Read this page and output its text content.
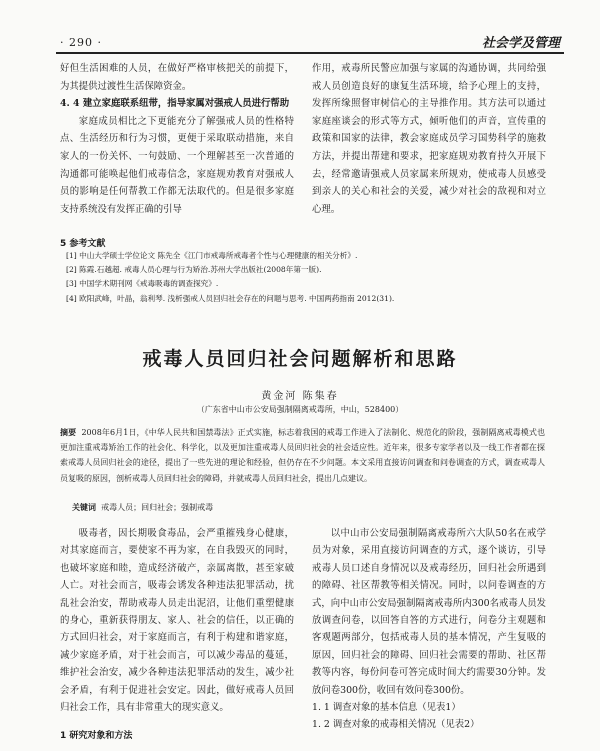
· 290 ·	社会学及管理

好但生活困难的人员，在做好严格审核把关的前提下，为其提供过渡性生活保障资金。

4. 4 建立家庭联系纽带，指导家属对强戒人员进行帮助

家庭成员相比之下更能充分了解强戒人员的性格特点、生活经历和行为习惯，更便于采取联动措施，来自家人的一份关怀、一句鼓励、一个理解甚至一次普通的沟通都可能唤起他们戒毒信念，家庭规劝教育对强戒人员的影响是任何帮教工作都无法取代的。但是很多家庭支持系统没有发挥正确的引导

作用，戒毒所民警应加强与家属的沟通协调，共同给强戒人员创造良好的康复生活环境，给予心理上的支持，发挥所缘照督审树信心的主导推作用。其方法可以通过家庭座谈会的形式等方式，倾听他们的声音，宣传重的政策和国家的法律，教会家庭成员学习国势科学的施救方法，并提出帮建和要求，把家庭规劝教育持久开展下去，经常邀请强戒人员家属来所规劝，使戒毒人员感受到亲人的关心和社会的关爱，减少对社会的敌视和对立心理。

5 参考文献
[1] 中山大学硕士学位论文 陈先全《江门市戒毒所戒毒者个性与心理健康的相关分析》.
[2] 陈霞.石越超. 戒毒人员心理与行为矫治.苏州大学出版社(2008年第一版).
[3] 中国学术期刊网《戒毒吸毒的调查探究》.
[4] 欧阳武峰，叶晶，翁利琴. 浅析强戒人员回归社会存在的问题与思考. 中国两药指南 2012(31).
戒毒人员回归社会问题解析和思路
黄金河 陈集春
（广东省中山市公安局强制隔离戒毒所，中山，528400）

摘要 2008年6月1日，《中华人民共和国禁毒法》正式实施，标志着我国的戒毒工作进入了法制化、规范化的阶段，强制隔离戒毒模式也更加注重戒毒矫治工作的社会化、科学化，以及更加注重戒毒人员回归社会的社会适应性。近年来，很多专家学者以及一线工作者都在探索戒毒人员回归社会的途径，提出了一些先进的理论和经验，但仍存在不少问题。本文采用直接访问调查和问卷调查的方式，调查戒毒人员复吸的原因，剖析戒毒人员回归社会的障碍，并就戒毒人员回归社会，提出几点建议。

关键词 戒毒人员；回归社会；强制戒毒

吸毒者，因长期吸食毒品，会严重摧残身心健康，对其家庭而言，要使家不再为家，在自我毁灭的同时，也破坏家庭和睦，造成经济破产，亲属离散，甚至家破人亡。对社会而言，吸毒会诱发各种违法犯罪活动，扰乱社会治安，帮助戒毒人员走出泥沼，让他们重塑健康的身心，重新获得朋友、家人、社会的信任，以正确的方式回归社会，对于家庭而言，有利于构建和谐家庭，减少家庭矛盾，对于社会而言，可以减少毒品的蔓延，维护社会治安，减少各种违法犯罪活动的发生，减少社会矛盾，有利于促进社会安定。因此，做好戒毒人员回归社会工作，具有非常重大的现实意义。

以中山市公安局强制隔离戒毒所六大队50名在戒学员为对象，采用直接访问调查的方式，逐个谈访，引导戒毒人员口述自身情况以及戒毒经历，回归社会所遇到的障碍、社区帮教等相关情况。同时，以问卷调查的方式，向中山市公安局强制隔离戒毒所内300名戒毒人员发放调查问卷，以回答自答的方式进行，问卷分主观题和客观题两部分，包括戒毒人员的基本情况，产生复吸的原因，回归社会的障碍、回归社会需要的帮助、社区帮教等内容，每份问卷可答完成时间大约需要30分钟。发放问卷300份，收回有效问卷300份。

1. 1 调查对象的基本信息（见表1）

1. 2 调查对象的戒毒相关情况（见表2）

1 研究对象和方法
